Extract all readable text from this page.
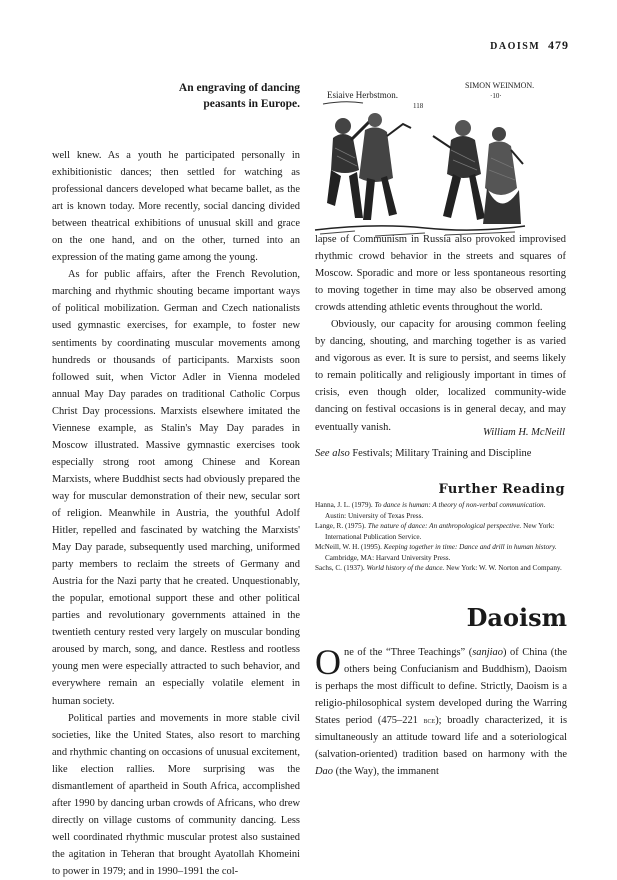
DAOISM 479
An engraving of dancing peasants in Europe.
Esiaive Herbstmon.
SIMON WEINMON.
·10·
118

well knew. As a youth he participated personally in exhibitionistic dances; then settled for watching as professional dancers developed what became ballet, as the art is known today. More recently, social dancing divided between theatrical exhibitions of unusual skill and grace on the one hand, and on the other, turned into an expression of the mating game among the young.

As for public affairs, after the French Revolution, marching and rhythmic shouting became important ways of political mobilization. German and Czech nationalists used gymnastic exercises, for example, to foster new sentiments by coordinating muscular movements among hundreds or thousands of participants. Marxists soon followed suit, when Victor Adler in Vienna modeled annual May Day parades on traditional Catholic Corpus Christ Day processions. Marxists elsewhere imitated the Viennese example, as Stalin's May Day parades in Moscow illustrated. Massive gymnastic exercises took especially strong root among Chinese and Korean Marxists, where Buddhist sects had obviously prepared the way for muscular demonstration of their new, secular sort of religion. Meanwhile in Austria, the youthful Adolf Hitler, repelled and fascinated by watching the Marxists' May Day parade, subsequently used marching, uniformed party members to reclaim the streets of Germany and Austria for the Nazi party that he created. Unquestionably, the popular, emotional support these and other political parties and revolutionary governments attained in the twentieth century rested very largely on muscular bonding aroused by march, song, and dance. Restless and rootless young men were especially attracted to such behavior, and everywhere remain an especially volatile element in human society.

Political parties and movements in more stable civil societies, like the United States, also resort to marching and rhythmic chanting on occasions of unusual excitement, like election rallies. More surprising was the dismantlement of apartheid in South Africa, accomplished after 1990 by dancing urban crowds of Africans, who drew directly on village customs of community dancing. Less well coordinated rhythmic muscular protest also sustained the agitation in Teheran that brought Ayatollah Khomeini to power in 1979; and in 1990–1991 the col-

lapse of Communism in Russia also provoked improvised rhythmic crowd behavior in the streets and squares of Moscow. Sporadic and more or less spontaneous resorting to moving together in time may also be observed among crowds attending athletic events throughout the world.

Obviously, our capacity for arousing common feeling by dancing, shouting, and marching together is as varied and vigorous as ever. It is sure to persist, and seems likely to remain politically and religiously important in times of crisis, even though older, localized community-wide dancing on festival occasions is in general decay, and may eventually vanish.	William H. McNeill
See also Festivals; Military Training and Discipline
Further Reading

Hanna, J. L. (1979). To dance is human: A theory of non-verbal communication. Austin: University of Texas Press.

Lange, R. (1975). The nature of dance: An anthropological perspective. New York: International Publication Service.

McNeill, W. H. (1995). Keeping together in time: Dance and drill in human history. Cambridge, MA: Harvard University Press.

Sachs, C. (1937). World history of the dance. New York: W. W. Norton and Company.

Daoism

One of the “Three Teachings” (sanjiao) of China (the others being Confucianism and Buddhism), Daoism is perhaps the most difficult to define. Strictly, Daoism is a religio-philosophical system developed during the Warring States period (475–221 bce); broadly characterized, it is simultaneously an attitude toward life and a soteriological (salvation-oriented) tradition based on harmony with the Dao (the Way), the immanent
